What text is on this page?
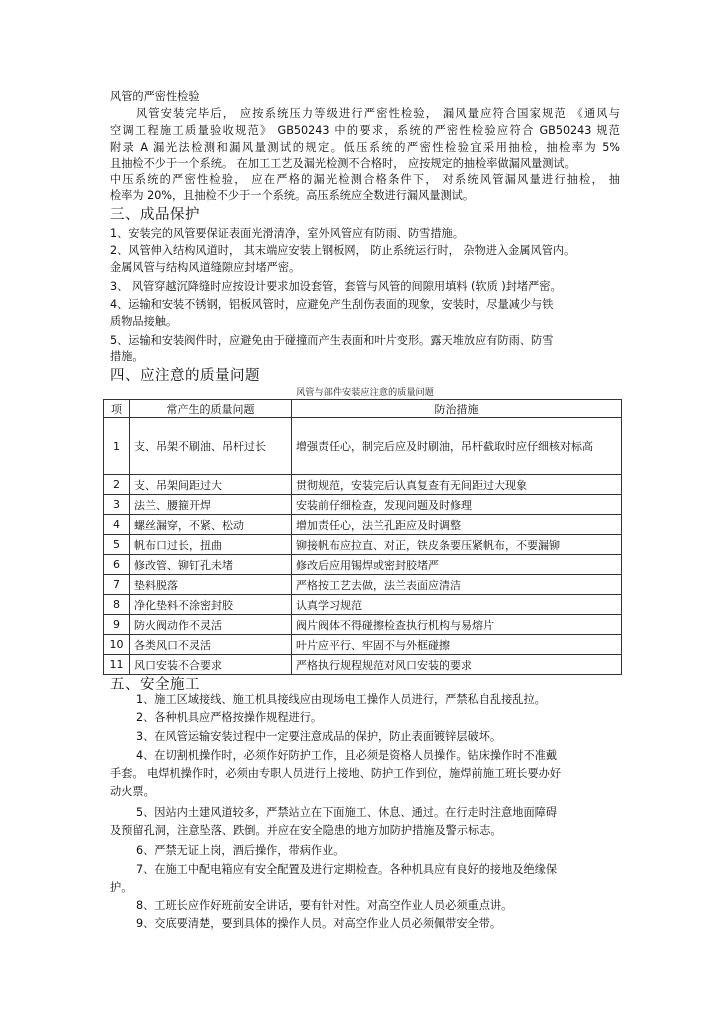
风管的严密性检验
风管安装完毕后， 应按系统压力等级进行严密性检验， 漏风量应符合国家规范 《通风与
空调工程施工质量验收规范》 GB50243 中的要求，系统的严密性检验应符合 GB50243 规范
附录 A 漏光法检测和漏风量测试的规定。低压系统的严密性检验宜采用抽检，抽检率为 5%
且抽检不少于一个系统。 在加工工艺及漏光检测不合格时， 应按规定的抽检率做漏风量测试。
中压系统的严密性检验， 应在严格的漏光检测合格条件下， 对系统风管漏风量进行抽检， 抽
检率为 20%，且抽检不少于一个系统。高压系统应全数进行漏风量测试。
三、成品保护
1、安装完的风管要保证表面光滑清净，室外风管应有防雨、防雪措施。
2、风管伸入结构风道时， 其末端应安装上钢板网， 防止系统运行时， 杂物进入金属风管内。
金属风管与结构风道缝隙应封堵严密。
3、 风管穿越沉降缝时应按设计要求加设套管，套管与风管的间隙用填料 (软质 )封堵严密。
4、运输和安装不锈钢，铝板风管时，应避免产生刮伤表面的现象，安装时，尽量减少与铁
质物品接触。
5、运输和安装阀件时，应避免由于碰撞而产生表面和叶片变形。露天堆放应有防雨、防雪
措施。
四、应注意的质量问题
风管与部件安装应注意的质量问题
项	常产生的质量问题	防治措施
1	支、吊架不刷油、吊杆过长	增强责任心，制完后应及时刷油，吊杆截取时应仔细核对标高
2	支、吊架间距过大	贯彻规范，安装完后认真复查有无间距过大现象
3	法兰、腰箍开焊	安装前仔细检查，发现问题及时修理
4	螺丝漏穿，不紧、松动	增加责任心，法兰孔距应及时调整
5	帆布口过长，扭曲	铆接帆布应拉直、对正，铁皮条要压紧帆布，不要漏铆
6	修改管、铆钉孔未堵	修改后应用锡焊或密封胶堵严
7	垫料脱落	严格按工艺去做，法兰表面应清洁
8	净化垫料不涂密封胶	认真学习规范
9	防火阀动作不灵活	阀片阀体不得碰擦检查执行机构与易熔片
10	各类风口不灵活	叶片应平行、牢固不与外框碰擦
11	风口安装不合要求	严格执行规程规范对风口安装的要求
五、安全施工
1、施工区域接线、施工机具接线应由现场电工操作人员进行，严禁私自乱接乱拉。
2、各种机具应严格按操作规程进行。
3、在风管运输安装过程中一定要注意成品的保护，防止表面镀锌层破坏。
4、在切割机操作时，必须作好防护工作，且必须是资格人员操作。钻床操作时不准戴
手套。 电焊机操作时，必须由专职人员进行上接地、防护工作到位，施焊前施工班长要办好
动火票。
5、因站内土建风道较多，严禁站立在下面施工、休息、通过。在行走时注意地面障碍
及预留孔洞，注意坠落、跌倒。并应在安全隐患的地方加防护措施及警示标志。
6、严禁无证上岗，酒后操作，带病作业。
7、在施工中配电箱应有安全配置及进行定期检查。各种机具应有良好的接地及绝缘保
护。
8、工班长应作好班前安全讲话，要有针对性。对高空作业人员必须重点讲。
9、交底要清楚，要到具体的操作人员。对高空作业人员必须佩带安全带。
